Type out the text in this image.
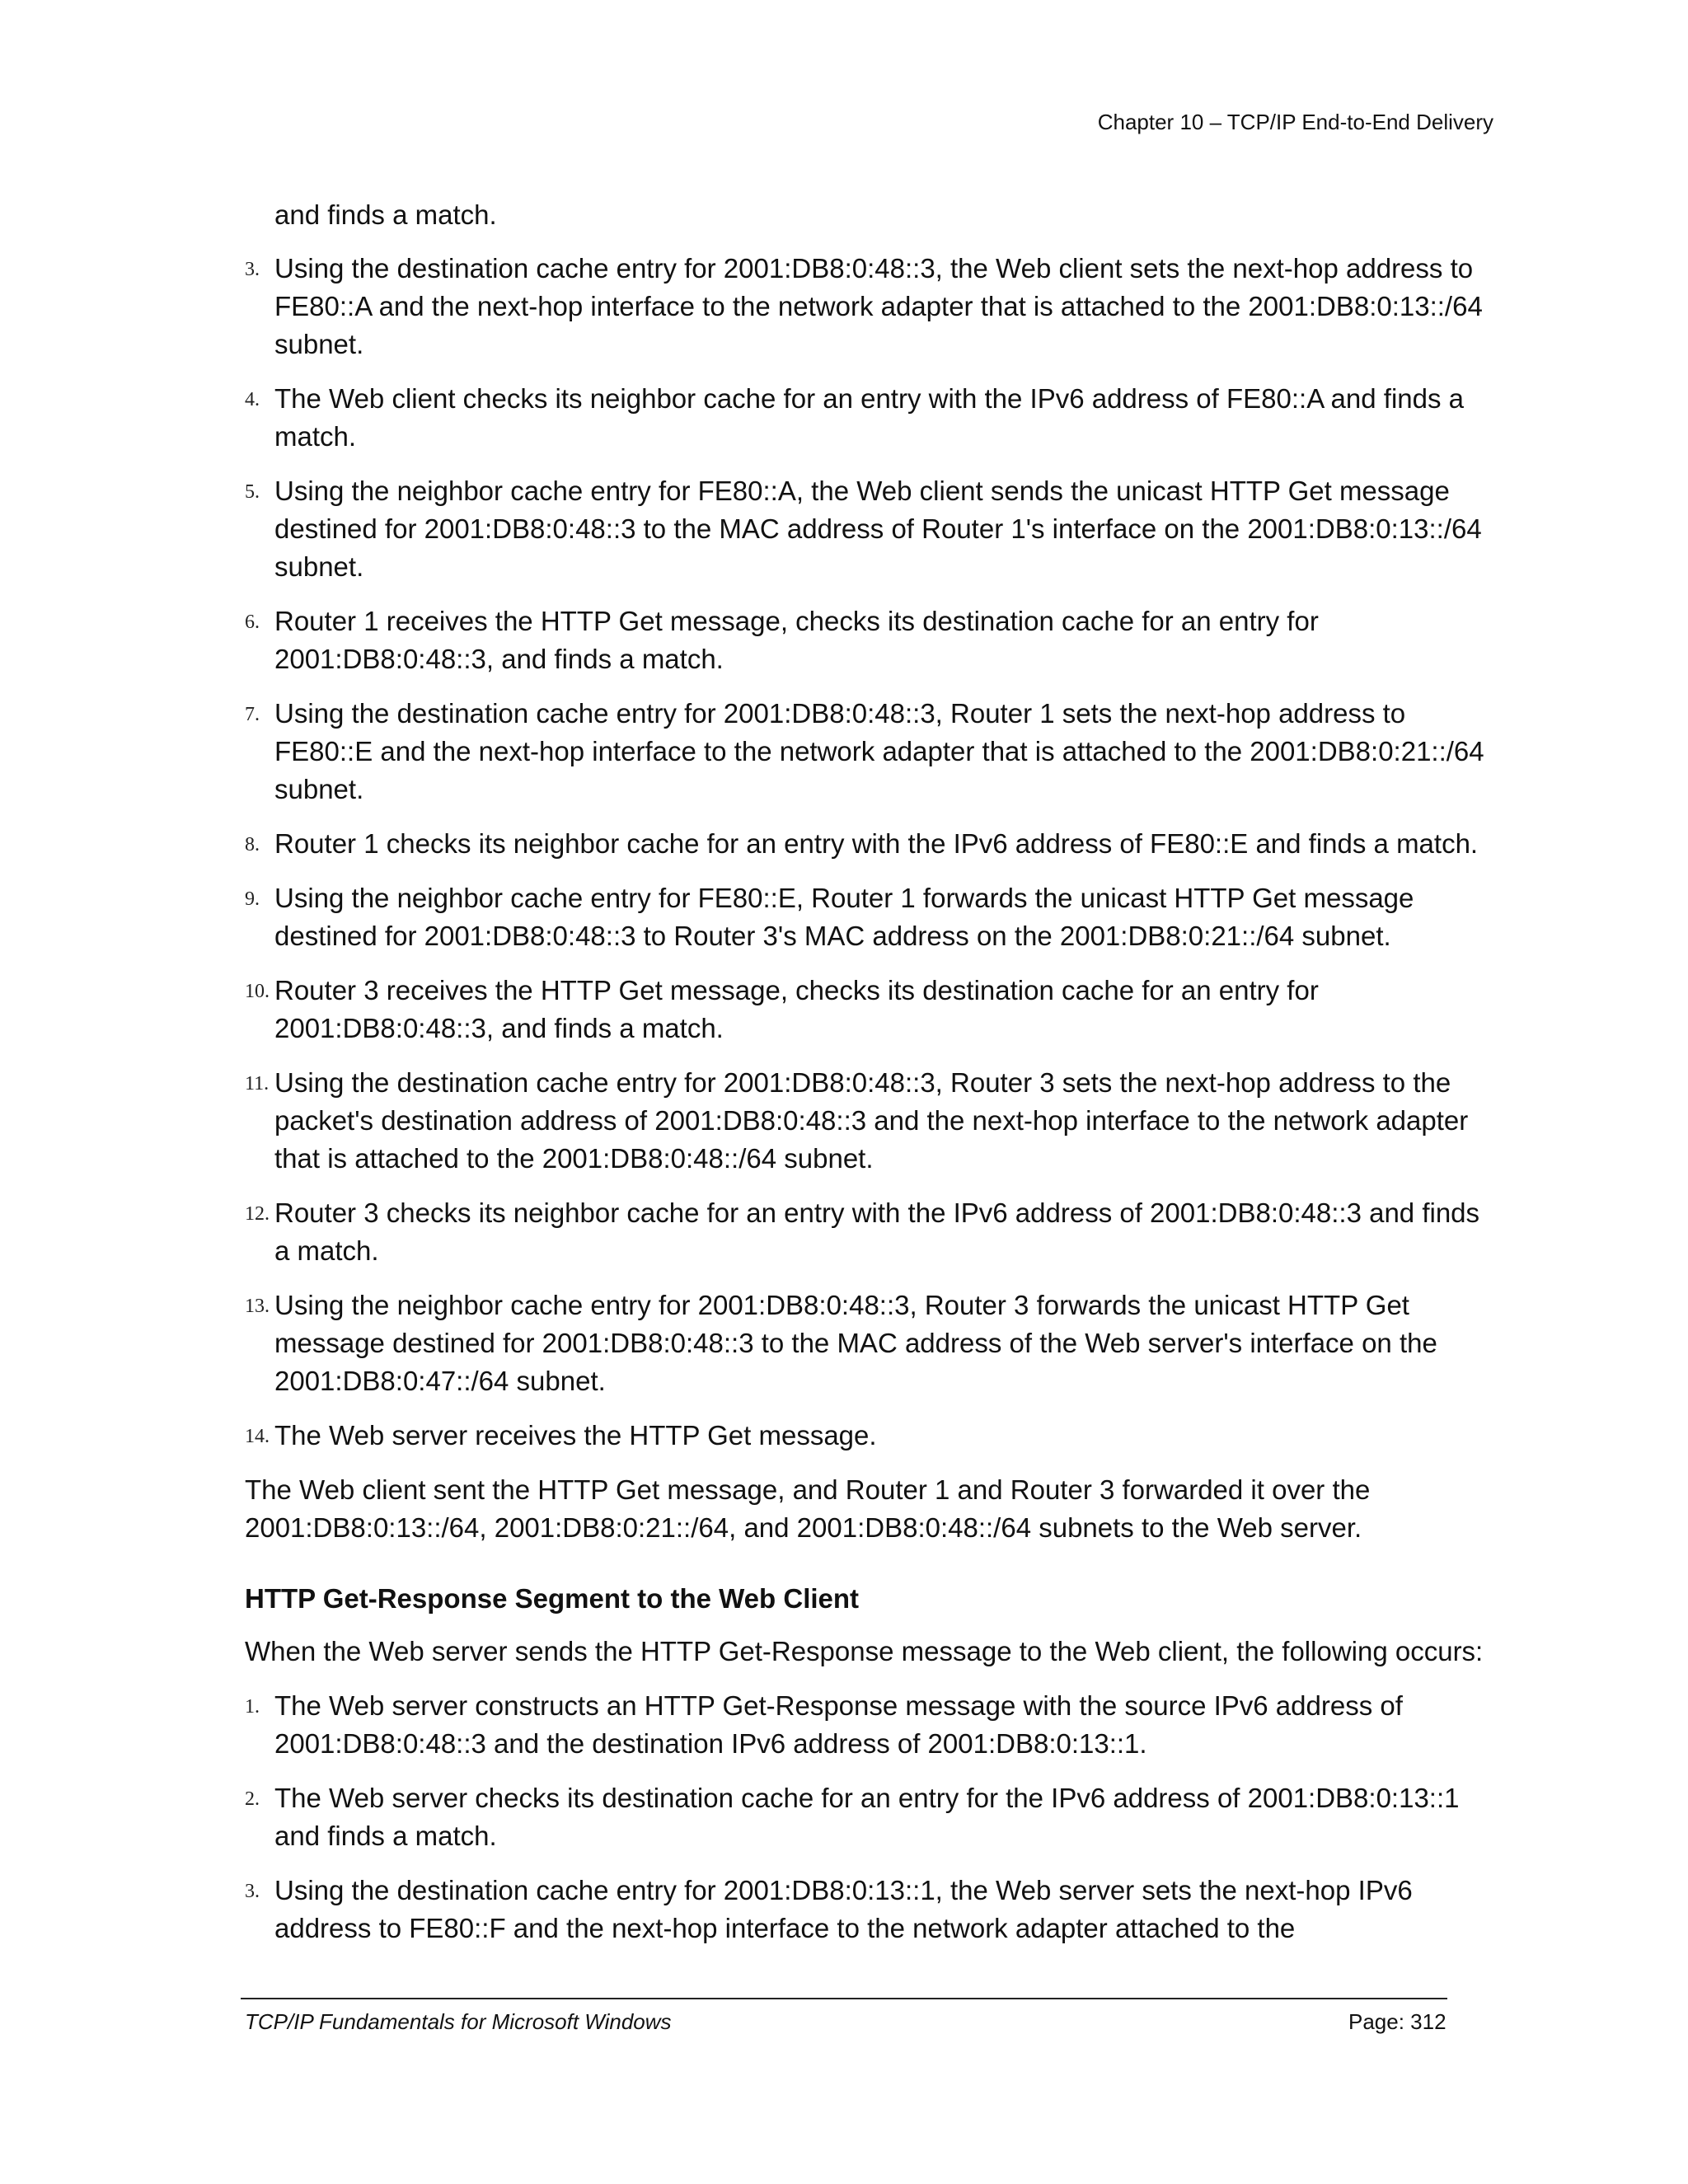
Chapter 10 – TCP/IP End-to-End Delivery

and finds a match.

3. Using the destination cache entry for 2001:DB8:0:48::3, the Web client sets the next-hop address to FE80::A and the next-hop interface to the network adapter that is attached to the 2001:DB8:0:13::/64 subnet.
4. The Web client checks its neighbor cache for an entry with the IPv6 address of FE80::A and finds a match.
5. Using the neighbor cache entry for FE80::A, the Web client sends the unicast HTTP Get message destined for 2001:DB8:0:48::3 to the MAC address of Router 1's interface on the 2001:DB8:0:13::/64 subnet.
6. Router 1 receives the HTTP Get message, checks its destination cache for an entry for 2001:DB8:0:48::3, and finds a match.
7. Using the destination cache entry for 2001:DB8:0:48::3, Router 1 sets the next-hop address to FE80::E and the next-hop interface to the network adapter that is attached to the 2001:DB8:0:21::/64 subnet.
8. Router 1 checks its neighbor cache for an entry with the IPv6 address of FE80::E and finds a match.
9. Using the neighbor cache entry for FE80::E, Router 1 forwards the unicast HTTP Get message destined for 2001:DB8:0:48::3 to Router 3's MAC address on the 2001:DB8:0:21::/64 subnet.
10. Router 3 receives the HTTP Get message, checks its destination cache for an entry for 2001:DB8:0:48::3, and finds a match.
11. Using the destination cache entry for 2001:DB8:0:48::3, Router 3 sets the next-hop address to the packet's destination address of 2001:DB8:0:48::3 and the next-hop interface to the network adapter that is attached to the 2001:DB8:0:48::/64 subnet.
12. Router 3 checks its neighbor cache for an entry with the IPv6 address of 2001:DB8:0:48::3 and finds a match.
13. Using the neighbor cache entry for 2001:DB8:0:48::3, Router 3 forwards the unicast HTTP Get message destined for 2001:DB8:0:48::3 to the MAC address of the Web server's interface on the 2001:DB8:0:47::/64 subnet.
14. The Web server receives the HTTP Get message.

The Web client sent the HTTP Get message, and Router 1 and Router 3 forwarded it over the 2001:DB8:0:13::/64, 2001:DB8:0:21::/64, and 2001:DB8:0:48::/64 subnets to the Web server.

HTTP Get-Response Segment to the Web Client

When the Web server sends the HTTP Get-Response message to the Web client, the following occurs:

1. The Web server constructs an HTTP Get-Response message with the source IPv6 address of 2001:DB8:0:48::3 and the destination IPv6 address of 2001:DB8:0:13::1.
2. The Web server checks its destination cache for an entry for the IPv6 address of 2001:DB8:0:13::1 and finds a match.
3. Using the destination cache entry for 2001:DB8:0:13::1, the Web server sets the next-hop IPv6 address to FE80::F and the next-hop interface to the network adapter attached to the
TCP/IP Fundamentals for Microsoft Windows	Page: 312
